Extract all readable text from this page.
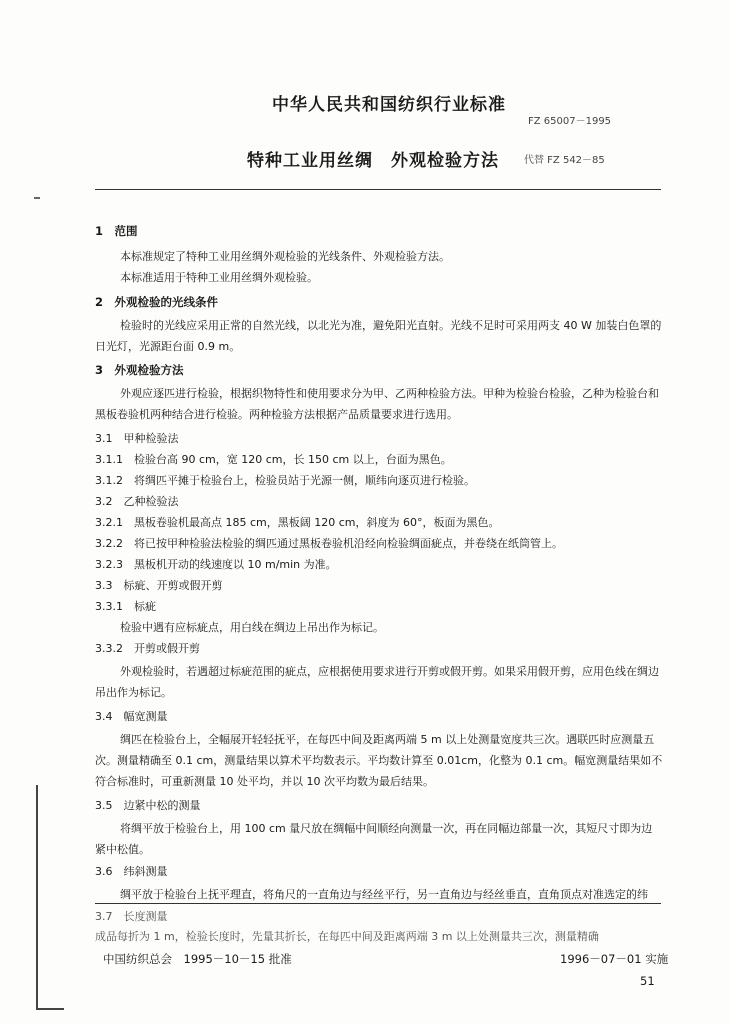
中华人民共和国纺织行业标准
FZ 65007－1995
特种工业用丝绸　外观检验方法	代替 FZ 542－85
1　范围
本标准规定了特种工业用丝绸外观检验的光线条件、外观检验方法。
本标准适用于特种工业用丝绸外观检验。
2　外观检验的光线条件
检验时的光线应采用正常的自然光线，以北光为准，避免阳光直射。光线不足时可采用两支 40 W 加装白色罩的日光灯，光源距台面 0.9 m。
3　外观检验方法
外观应逐匹进行检验，根据织物特性和使用要求分为甲、乙两种检验方法。甲种为检验台检验，乙种为检验台和黑板卷验机两种结合进行检验。两种检验方法根据产品质量要求进行选用。
3.1　甲种检验法
3.1.1　检验台高 90 cm，宽 120 cm，长 150 cm 以上，台面为黑色。
3.1.2　将绸匹平摊于检验台上，检验员站于光源一侧，顺纬向逐页进行检验。
3.2　乙种检验法
3.2.1　黑板卷验机最高点 185 cm，黑板阔 120 cm，斜度为 60°，板面为黑色。
3.2.2　将已按甲种检验法检验的绸匹通过黑板卷验机沿经向检验绸面疵点，并卷绕在纸筒管上。
3.2.3　黑板机开动的线速度以 10 m/min 为准。
3.3　标疵、开剪或假开剪
3.3.1　标疵
检验中遇有应标疵点，用白线在绸边上吊出作为标记。
3.3.2　开剪或假开剪
外观检验时，若遇超过标疵范围的疵点，应根据使用要求进行开剪或假开剪。如果采用假开剪，应用色线在绸边吊出作为标记。
3.4　幅宽测量
绸匹在检验台上，全幅展开轻轻抚平，在每匹中间及距离两端 5 m 以上处测量宽度共三次。遇联匹时应测量五次。测量精确至 0.1 cm，测量结果以算术平均数表示。平均数计算至 0.01cm，化整为 0.1 cm。幅宽测量结果如不符合标准时，可重新测量 10 处平均，并以 10 次平均数为最后结果。
3.5　边紧中松的测量
将绸平放于检验台上，用 100 cm 量尺放在绸幅中间顺经向测量一次，再在同幅边部量一次，其短尺寸即为边紧中松值。
3.6　纬斜测量
绸平放于检验台上抚平理直，将角尺的一直角边与经丝平行，另一直角边与经丝垂直，直角顶点对准选定的纬
3.7　长度测量
成品每折为 1 m，检验长度时，先量其折长，在每匹中间及距离两端 3 m 以上处测量共三次，测量精确
中国纺织总会　1995－10－15 批准	1996－07－01 实施
51
